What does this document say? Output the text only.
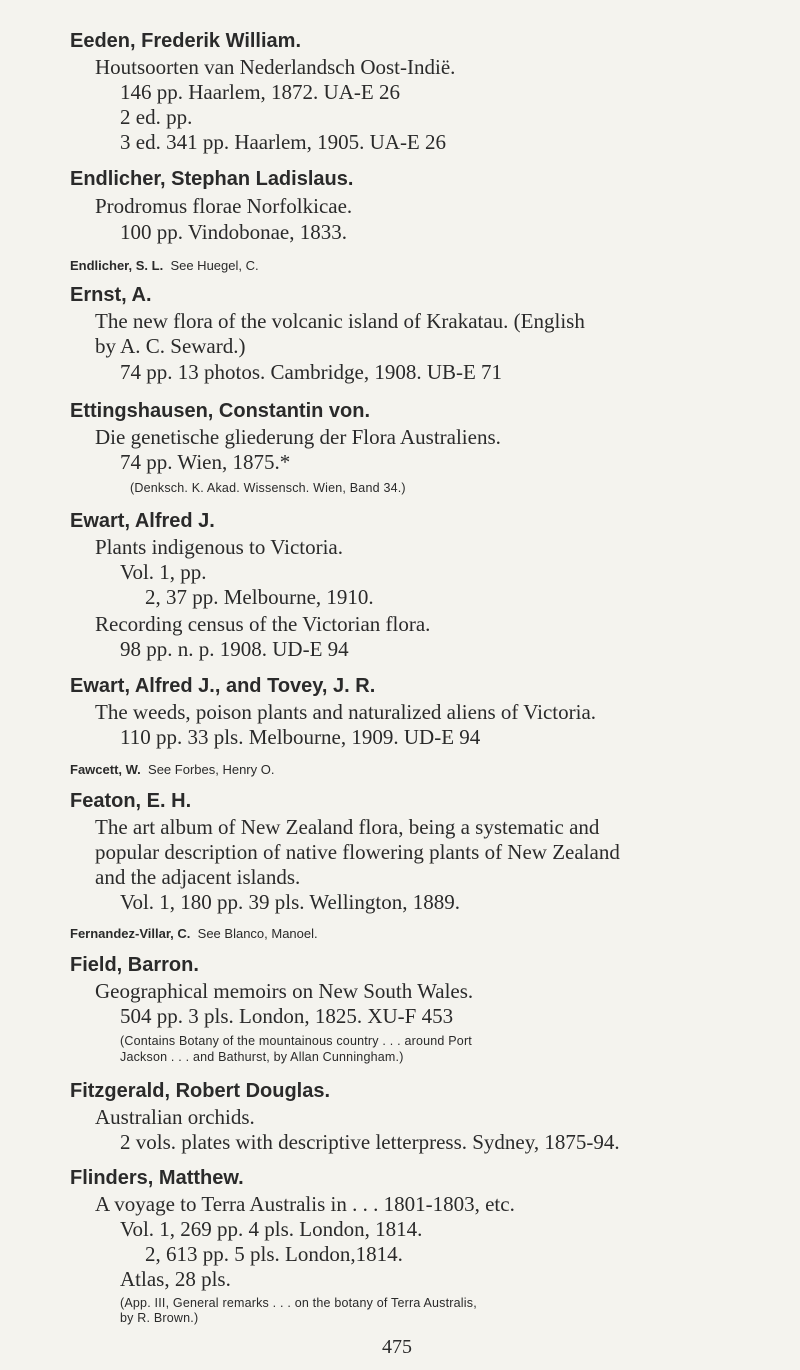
Eeden, Frederik William.
Houtsoorten van Nederlandsch Oost-Indië.
146 pp. Haarlem, 1872. UA-E 26
2 ed. pp.
3 ed. 341 pp. Haarlem, 1905. UA-E 26
Endlicher, Stephan Ladislaus.
Prodromus florae Norfolkicae.
100 pp. Vindobonae, 1833.
Endlicher, S. L. See Huegel, C.
Ernst, A.
The new flora of the volcanic island of Krakatau. (English
by A. C. Seward.)
74 pp. 13 photos. Cambridge, 1908. UB-E 71
Ettingshausen, Constantin von.
Die genetische gliederung der Flora Australiens.
74 pp. Wien, 1875.*
(Denksch. K. Akad. Wissensch. Wien, Band 34.)
Ewart, Alfred J.
Plants indigenous to Victoria.
Vol. 1, pp.
2, 37 pp. Melbourne, 1910.
Recording census of the Victorian flora.
98 pp. n. p. 1908. UD-E 94
Ewart, Alfred J., and Tovey, J. R.
The weeds, poison plants and naturalized aliens of Victoria.
110 pp. 33 pls. Melbourne, 1909. UD-E 94
Fawcett, W. See Forbes, Henry O.
Featon, E. H.
The art album of New Zealand flora, being a systematic and
popular description of native flowering plants of New Zealand
and the adjacent islands.
Vol. 1, 180 pp. 39 pls. Wellington, 1889.
Fernandez-Villar, C. See Blanco, Manoel.
Field, Barron.
Geographical memoirs on New South Wales.
504 pp. 3 pls. London, 1825. XU-F 453
(Contains Botany of the mountainous country . . . around Port
Jackson . . . and Bathurst, by Allan Cunningham.)
Fitzgerald, Robert Douglas.
Australian orchids.
2 vols. plates with descriptive letterpress. Sydney, 1875-94.
Flinders, Matthew.
A voyage to Terra Australis in . . . 1801-1803, etc.
Vol. 1, 269 pp. 4 pls. London, 1814.
2, 613 pp. 5 pls. London,1814.
Atlas, 28 pls.
(App. III, General remarks . . . on the botany of Terra Australis,
by R. Brown.)
475
